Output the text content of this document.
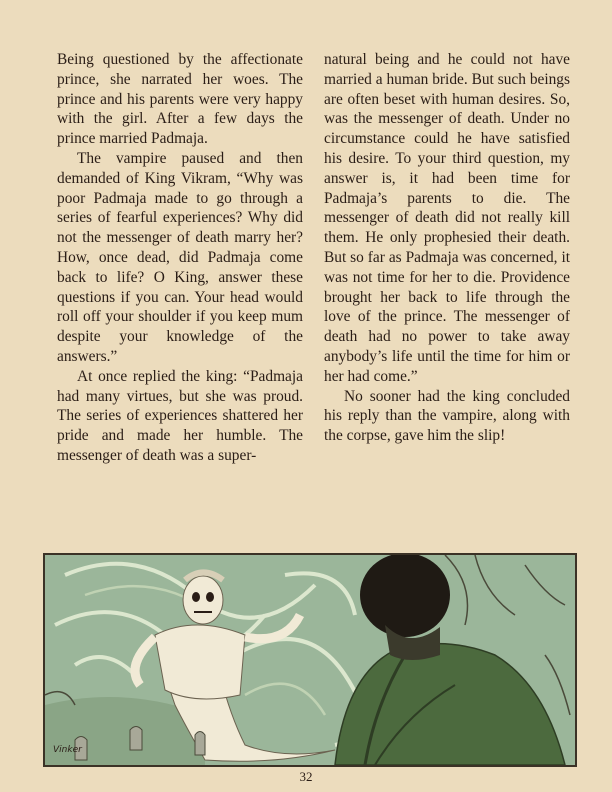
Being questioned by the affectionate prince, she narrated her woes. The prince and his parents were very happy with the girl. After a few days the prince married Padmaja.

The vampire paused and then demanded of King Vikram, “Why was poor Padmaja made to go through a series of fearful experiences? Why did not the messenger of death marry her? How, once dead, did Padmaja come back to life? O King, answer these questions if you can. Your head would roll off your shoulder if you keep mum despite your knowledge of the answers.”

At once replied the king: “Padmaja had many virtues, but she was proud. The series of experiences shattered her pride and made her humble. The messenger of death was a super-

natural being and he could not have married a human bride. But such beings are often beset with human desires. So, was the messenger of death. Under no circumstance could he have satisfied his desire. To your third question, my answer is, it had been time for Padmaja’s parents to die. The messenger of death did not really kill them. He only prophesied their death. But so far as Padmaja was concerned, it was not time for her to die. Providence brought her back to life through the love of the prince. The messenger of death had no power to take away anybody’s life until the time for him or her had come.”

No sooner had the king concluded his reply than the vampire, along with the corpse, gave him the slip!

Vinker
32
